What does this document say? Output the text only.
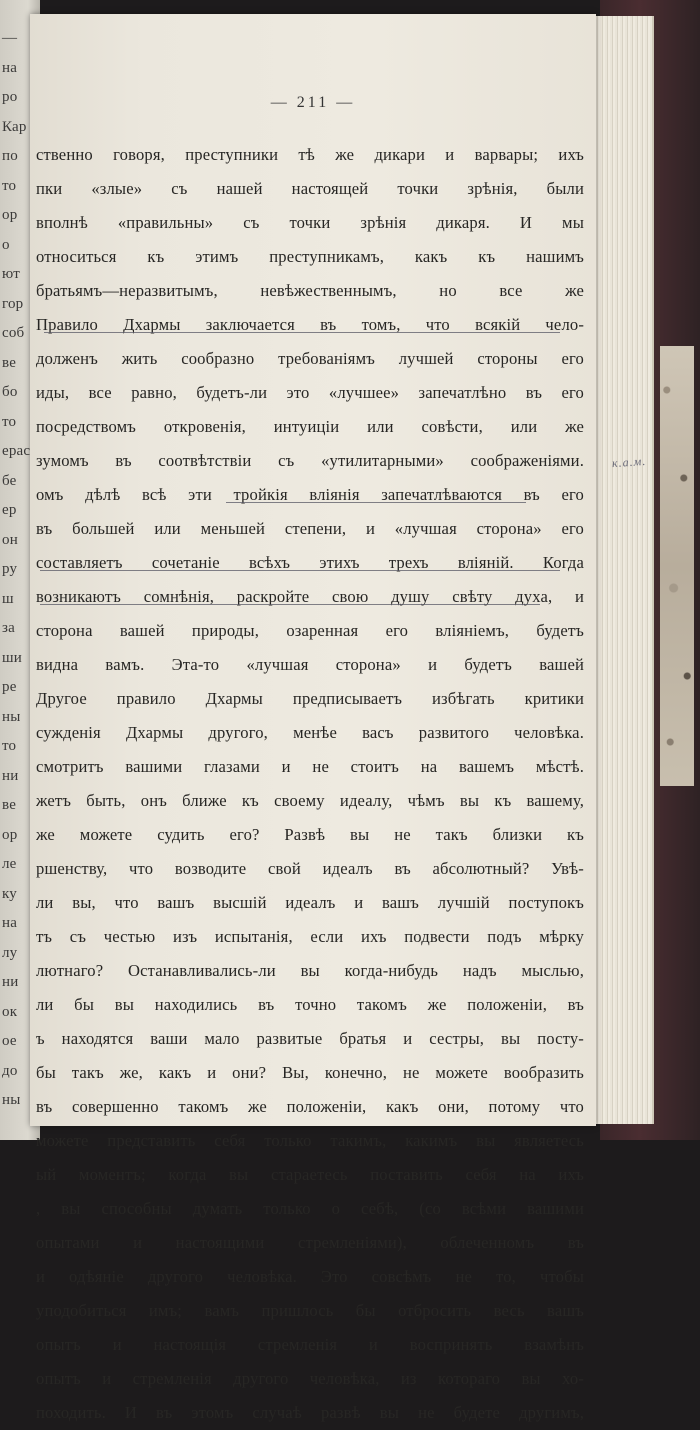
—
на
ро
Кар
по
то
ор
о
ют
гор
соб
ве
бо
то
ерас
бе
ер
он
ру
ш
за
ши
ре
ны
то
ни
ве
ор
ле
ку
на
лу
ни
ок
ое
до
ны
— 211 —
ственно говоря, преступники тѣ же дикари и варвары; ихъ
пки «злые» съ нашей настоящей точки зрѣнія, были
вполнѣ «правильны» съ точки зрѣнія дикаря. И мы
относиться къ этимъ преступникамъ, какъ къ нашимъ
братьямъ—неразвитымъ, невѣжественнымъ, но все же
Правило Дхармы заключается въ томъ, что всякій чело-
долженъ жить сообразно требованіямъ лучшей стороны его
иды, все равно, будетъ-ли это «лучшее» запечатлѣно въ его
посредствомъ откровенія, интуиціи или совѣсти, или же
зумомъ въ соотвѣтствіи съ «утилитарными» соображеніями.
омъ дѣлѣ всѣ эти тройкія вліянія запечатлѣваются въ его
въ большей или меньшей степени, и «лучшая сторона» его
составляетъ сочетаніе всѣхъ этихъ трехъ вліяній. Когда
возникаютъ сомнѣнія, раскройте свою душу свѣту духа, и
сторона вашей природы, озаренная его вліяніемъ, будетъ
видна вамъ. Эта-то «лучшая сторона» и будетъ вашей
Другое правило Дхармы предписываетъ избѣгать критики
сужденія Дхармы другого, менѣе васъ развитого человѣка.
смотритъ вашими глазами и не стоитъ на вашемъ мѣстѣ.
жетъ быть, онъ ближе къ своему идеалу, чѣмъ вы къ вашему,
же можете судить его? Развѣ вы не такъ близки къ
ршенству, что возводите свой идеалъ въ абсолютный? Увѣ-
ли вы, что вашъ высшій идеалъ и вашъ лучшій поступокъ
тъ съ честью изъ испытанія, если ихъ подвести подъ мѣрку
лютнаго? Останавливались-ли вы когда-нибудь надъ мыслью,
ли бы вы находились въ точно такомъ же положеніи, въ
ъ находятся ваши мало развитые братья и сестры, вы посту-
бы такъ же, какъ и они? Вы, конечно, не можете вообразить
въ совершенно такомъ же положеніи, какъ они, потому что
можете представить себя только такимъ, какимъ вы являетесь
ый моментъ; когда вы стараетесь поставить себя на ихъ
, вы способны думать только о себѣ, (со всѣми вашими
опытами и настоящими стремленіями), облеченномъ въ
и одѣяніе другого человѣка. Это совсѣмъ не то, чтобы
уподобиться имъ; вамъ пришлось бы отбросить весь вашъ
опытъ и настоящія стремленія и воспринять взамѣнъ
опытъ и стремленія другого человѣка, из котораго вы хо-
походить. И въ этомъ случаѣ развѣ вы не будете другимъ,
к.а.м.
